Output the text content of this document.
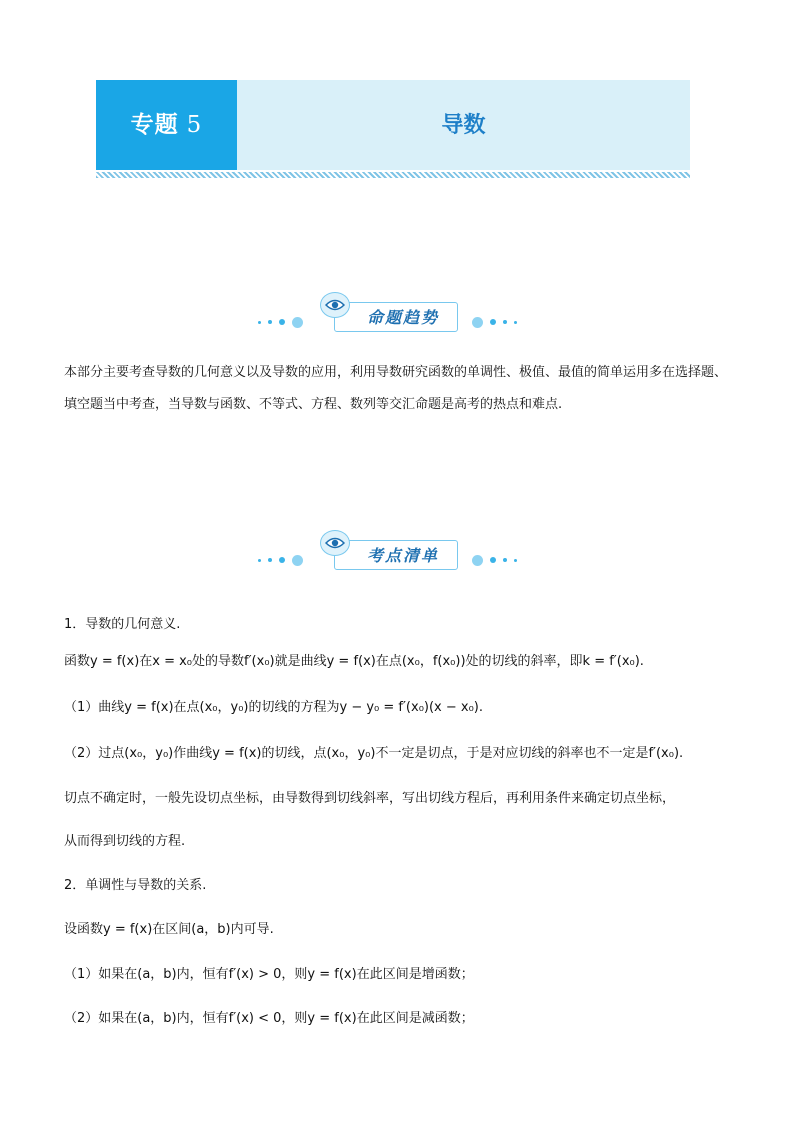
专题 5	导数
命题趋势
本部分主要考查导数的几何意义以及导数的应用，利用导数研究函数的单调性、极值、最值的简单运用多在选择题、填空题当中考查，当导数与函数、不等式、方程、数列等交汇命题是高考的热点和难点.
考点清单
1．导数的几何意义.
函数y = f(x)在x = x₀处的导数f′(x₀)就是曲线y = f(x)在点(x₀，f(x₀))处的切线的斜率，即k = f′(x₀).
（1）曲线y = f(x)在点(x₀，y₀)的切线的方程为y − y₀ = f′(x₀)(x − x₀).
（2）过点(x₀，y₀)作曲线y = f(x)的切线，点(x₀，y₀)不一定是切点，于是对应切线的斜率也不一定是f′(x₀).
切点不确定时，一般先设切点坐标，由导数得到切线斜率，写出切线方程后，再利用条件来确定切点坐标，
从而得到切线的方程.
2．单调性与导数的关系.
设函数y = f(x)在区间(a，b)内可导.
（1）如果在(a，b)内，恒有f′(x) > 0，则y = f(x)在此区间是增函数；
（2）如果在(a，b)内，恒有f′(x) < 0，则y = f(x)在此区间是减函数；
